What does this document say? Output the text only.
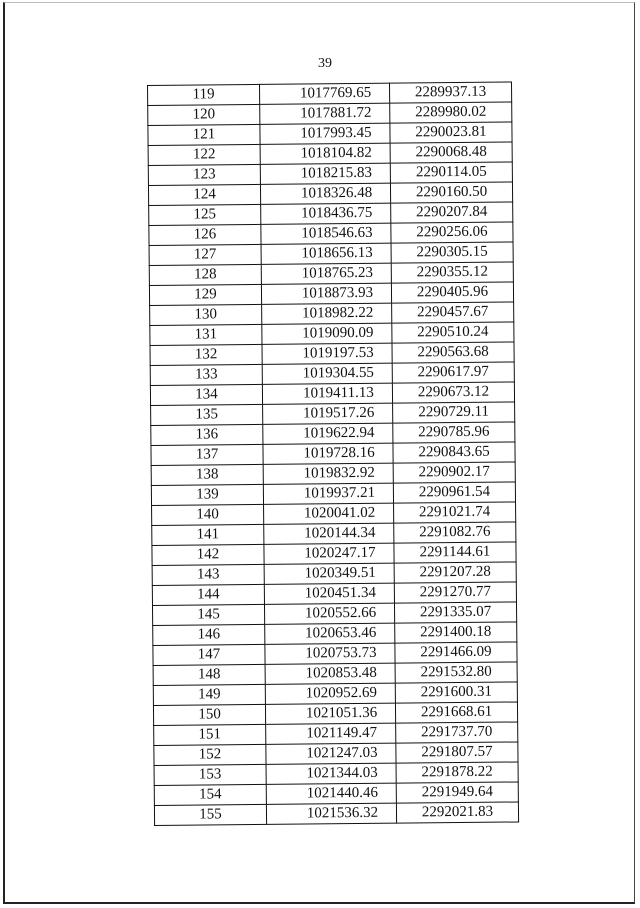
39
119	1017769.65	2289937.13
120	1017881.72	2289980.02
121	1017993.45	2290023.81
122	1018104.82	2290068.48
123	1018215.83	2290114.05
124	1018326.48	2290160.50
125	1018436.75	2290207.84
126	1018546.63	2290256.06
127	1018656.13	2290305.15
128	1018765.23	2290355.12
129	1018873.93	2290405.96
130	1018982.22	2290457.67
131	1019090.09	2290510.24
132	1019197.53	2290563.68
133	1019304.55	2290617.97
134	1019411.13	2290673.12
135	1019517.26	2290729.11
136	1019622.94	2290785.96
137	1019728.16	2290843.65
138	1019832.92	2290902.17
139	1019937.21	2290961.54
140	1020041.02	2291021.74
141	1020144.34	2291082.76
142	1020247.17	2291144.61
143	1020349.51	2291207.28
144	1020451.34	2291270.77
145	1020552.66	2291335.07
146	1020653.46	2291400.18
147	1020753.73	2291466.09
148	1020853.48	2291532.80
149	1020952.69	2291600.31
150	1021051.36	2291668.61
151	1021149.47	2291737.70
152	1021247.03	2291807.57
153	1021344.03	2291878.22
154	1021440.46	2291949.64
155	1021536.32	2292021.83
